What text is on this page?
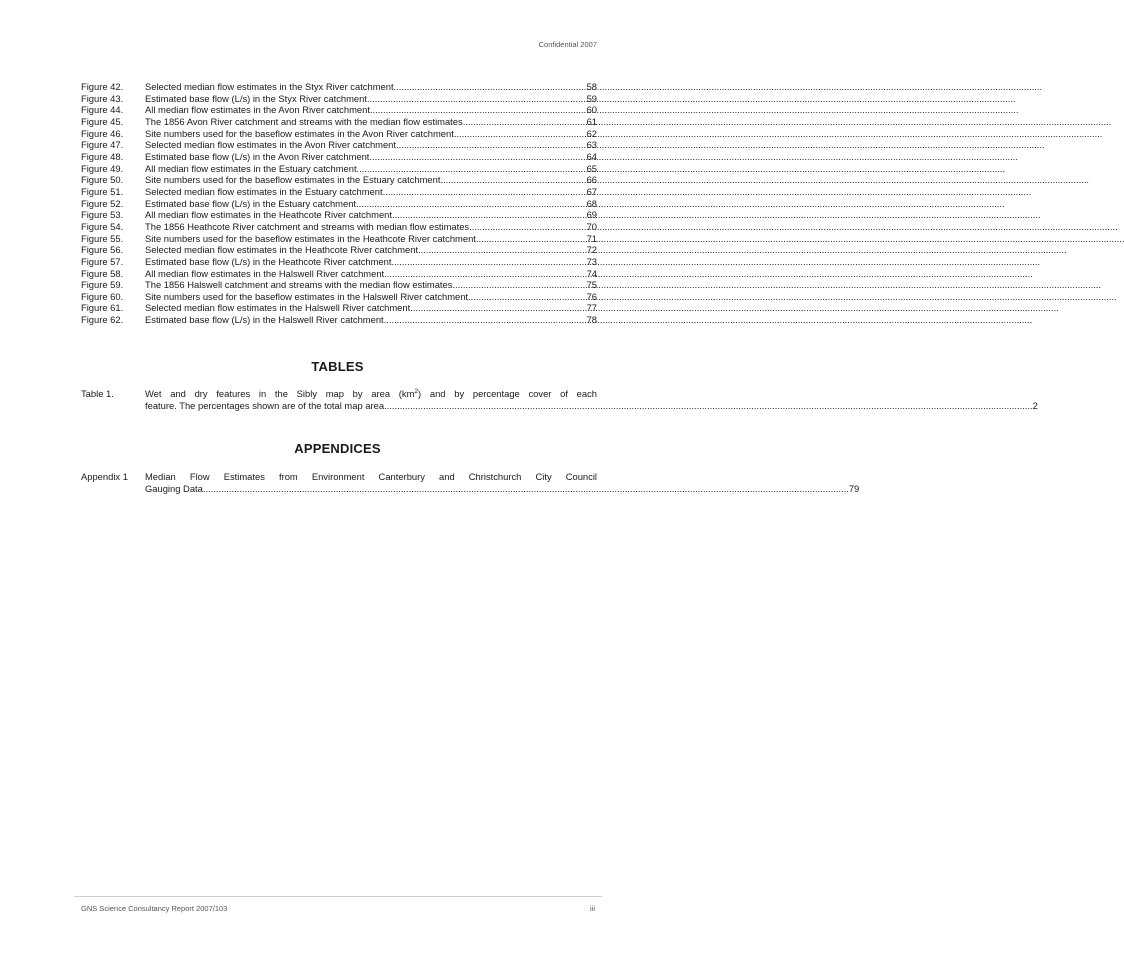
Confidential 2007
Figure 42.	Selected median flow estimates in the Styx River catchment. .....	58
Figure 43.	Estimated base flow (L/s) in the Styx River catchment. .....	59
Figure 44.	All median flow estimates in the Avon River catchment. .....	60
Figure 45.	The 1856 Avon River catchment and streams with the median flow estimates. .....	61
Figure 46.	Site numbers used for the baseflow estimates in the Avon River catchment. .....	62
Figure 47.	Selected median flow estimates in the Avon River catchment. .....	63
Figure 48.	Estimated base flow (L/s) in the Avon River catchment. .....	64
Figure 49.	All median flow estimates in the Estuary catchment. .....	65
Figure 50.	Site numbers used for the baseflow estimates in the Estuary catchment. .....	66
Figure 51.	Selected median flow estimates in the Estuary catchment. .....	67
Figure 52.	Estimated base flow (L/s) in the Estuary catchment. .....	68
Figure 53.	All median flow estimates in the Heathcote River catchment. .....	69
Figure 54.	The 1856 Heathcote River catchment and streams with median flow estimates. .....	70
Figure 55.	Site numbers used for the baseflow estimates in the Heathcote River catchment. .....	71
Figure 56.	Selected median flow estimates in the Heathcote River catchment. .....	72
Figure 57.	Estimated base flow (L/s) in the Heathcote River catchment. .....	73
Figure 58.	All median flow estimates in the Halswell River catchment. .....	74
Figure 59.	The 1856 Halswell catchment and streams with the median flow estimates. .....	75
Figure 60.	Site numbers used for the baseflow estimates in the Halswell River catchment. .....	76
Figure 61.	Selected median flow estimates in the Halswell River catchment. .....	77
Figure 62.	Estimated base flow (L/s) in the Halswell River catchment. .....	78
TABLES
Table 1.	Wet and dry features in the Sibly map by area $(km^2)$ and by percentage cover of each
feature. The percentages shown are of the total map area. .....	2
APPENDICES
Appendix 1 Median Flow Estimates from Environment Canterbury and Christchurch City Council
Gauging Data .....	79
GNS Science Consultancy Report 2007/103	iii
